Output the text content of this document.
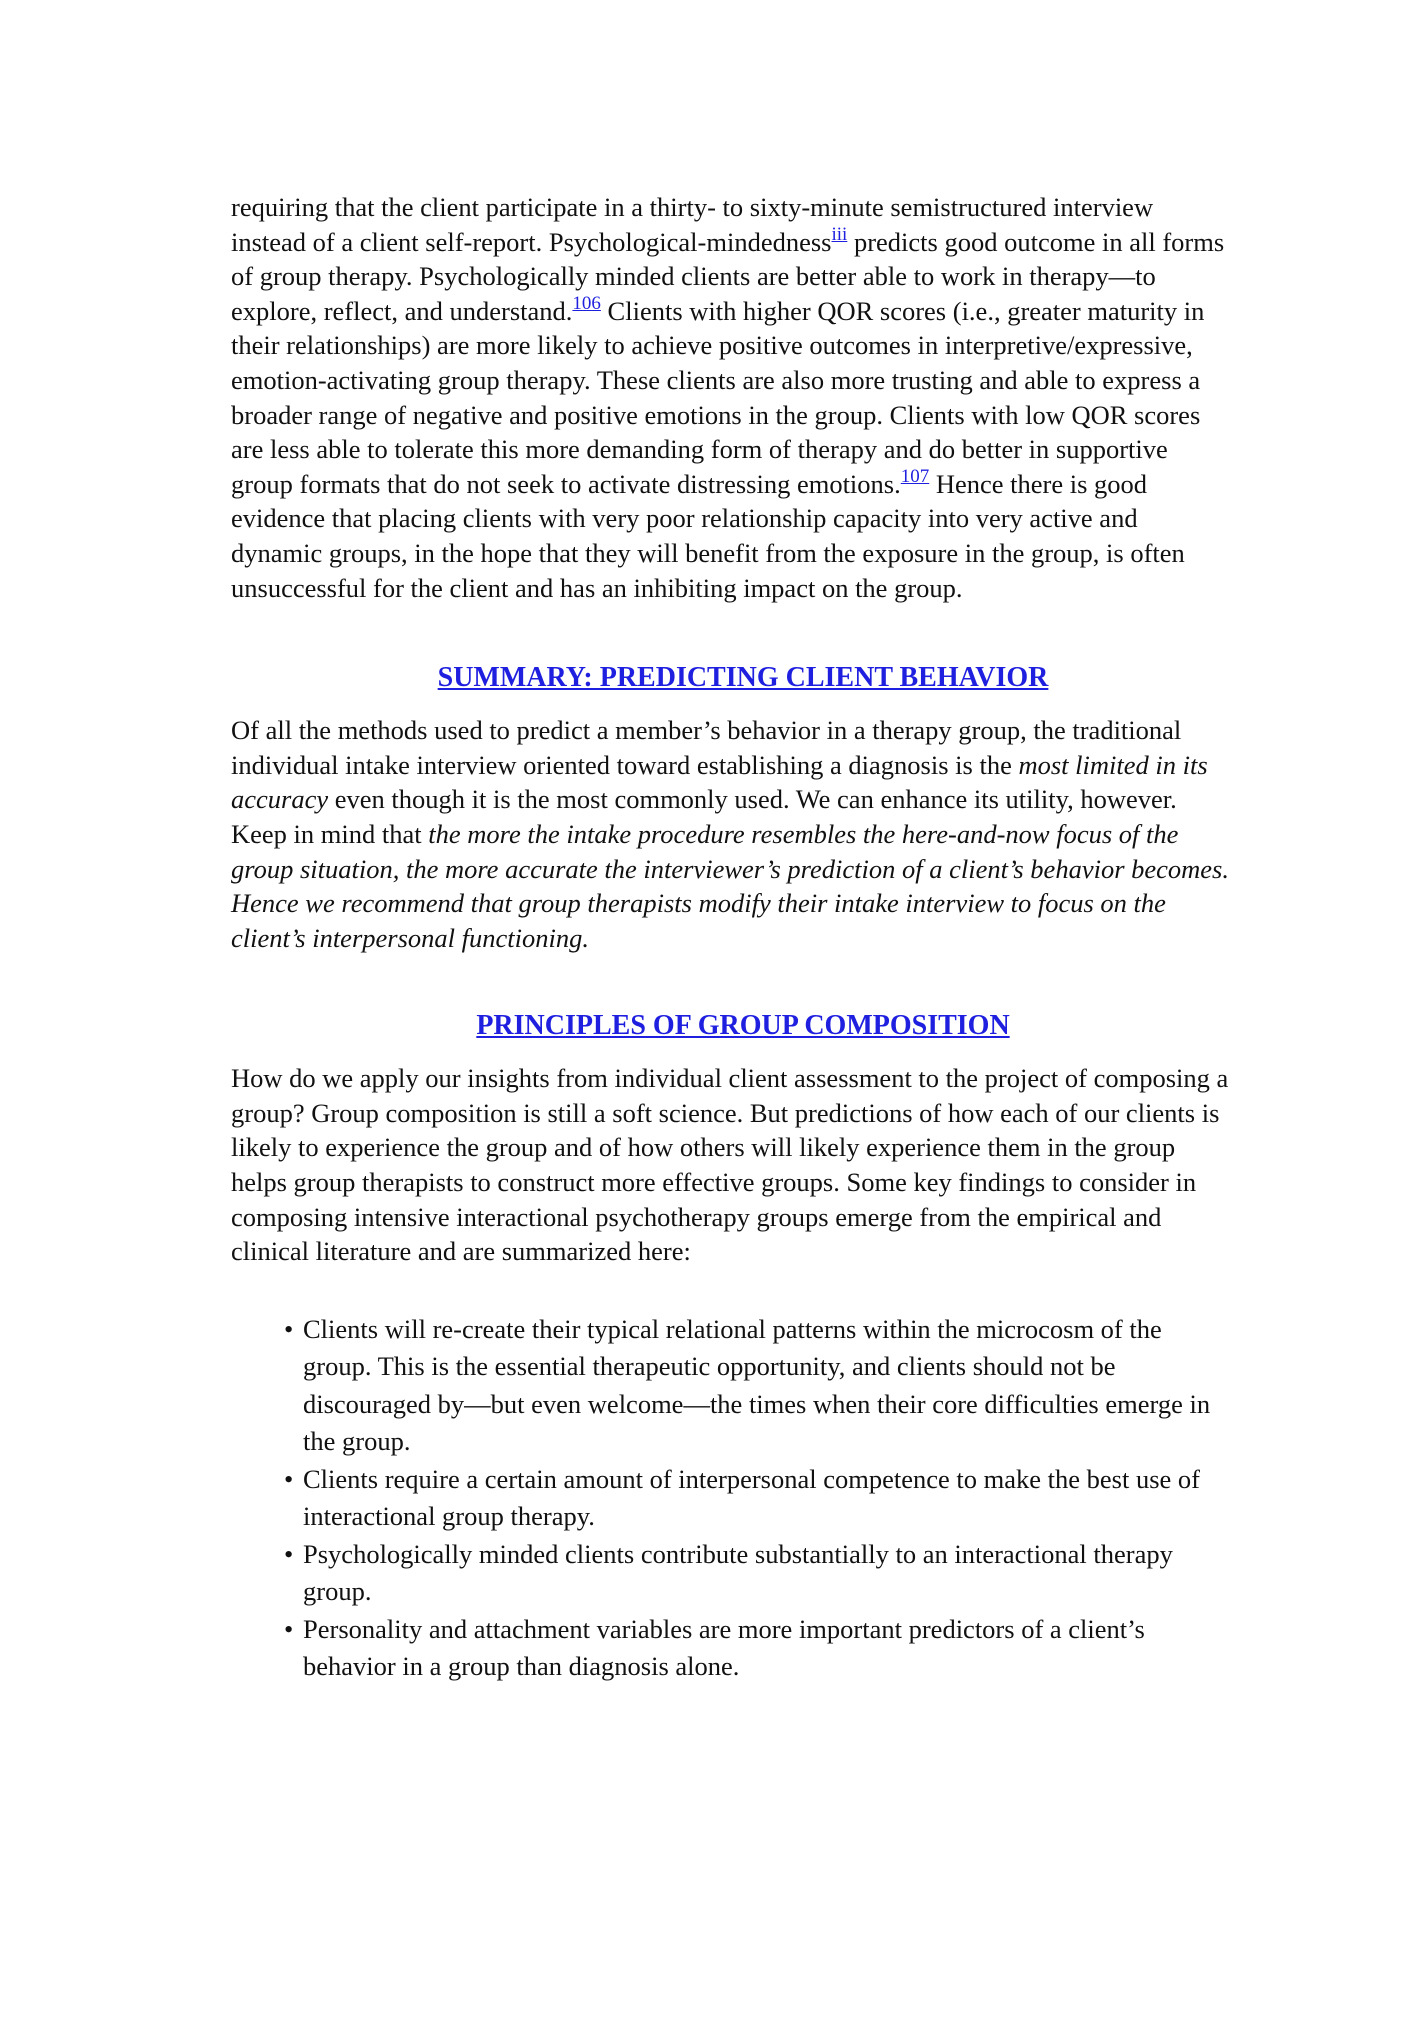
requiring that the client participate in a thirty- to sixty-minute semistructured interview instead of a client self-report. Psychological-mindedness$^{iii}$ predicts good outcome in all forms of group therapy. Psychologically minded clients are better able to work in therapy—to explore, reflect, and understand.$^{106}$ Clients with higher QOR scores (i.e., greater maturity in their relationships) are more likely to achieve positive outcomes in interpretive/expressive, emotion-activating group therapy. These clients are also more trusting and able to express a broader range of negative and positive emotions in the group. Clients with low QOR scores are less able to tolerate this more demanding form of therapy and do better in supportive group formats that do not seek to activate distressing emotions.$^{107}$ Hence there is good evidence that placing clients with very poor relationship capacity into very active and dynamic groups, in the hope that they will benefit from the exposure in the group, is often unsuccessful for the client and has an inhibiting impact on the group.

SUMMARY: PREDICTING CLIENT BEHAVIOR

Of all the methods used to predict a member’s behavior in a therapy group, the traditional individual intake interview oriented toward establishing a diagnosis is the most limited in its accuracy even though it is the most commonly used. We can enhance its utility, however. Keep in mind that the more the intake procedure resembles the here-and-now focus of the group situation, the more accurate the interviewer’s prediction of a client’s behavior becomes. Hence we recommend that group therapists modify their intake interview to focus on the client’s interpersonal functioning.

PRINCIPLES OF GROUP COMPOSITION

How do we apply our insights from individual client assessment to the project of composing a group? Group composition is still a soft science. But predictions of how each of our clients is likely to experience the group and of how others will likely experience them in the group helps group therapists to construct more effective groups. Some key findings to consider in composing intensive interactional psychotherapy groups emerge from the empirical and clinical literature and are summarized here:

• Clients will re-create their typical relational patterns within the microcosm of the group. This is the essential therapeutic opportunity, and clients should not be discouraged by—but even welcome—the times when their core difficulties emerge in the group.
• Clients require a certain amount of interpersonal competence to make the best use of interactional group therapy.
• Psychologically minded clients contribute substantially to an interactional therapy group.
• Personality and attachment variables are more important predictors of a client’s behavior in a group than diagnosis alone.
